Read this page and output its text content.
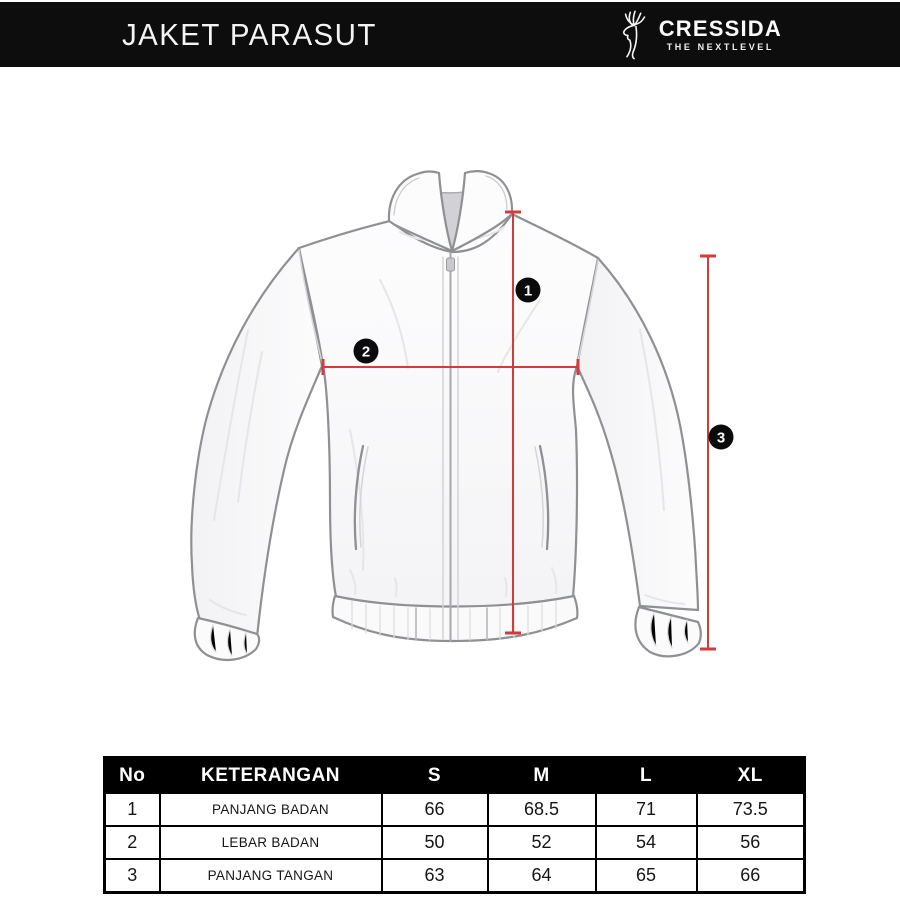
JAKET PARASUT	CRESSIDA
THE NEXTLEVEL
1
2
3
No	KETERANGAN	S	M	L	XL
1	PANJANG BADAN	66	68.5	71	73.5
2	LEBAR BADAN	50	52	54	56
3	PANJANG TANGAN	63	64	65	66
